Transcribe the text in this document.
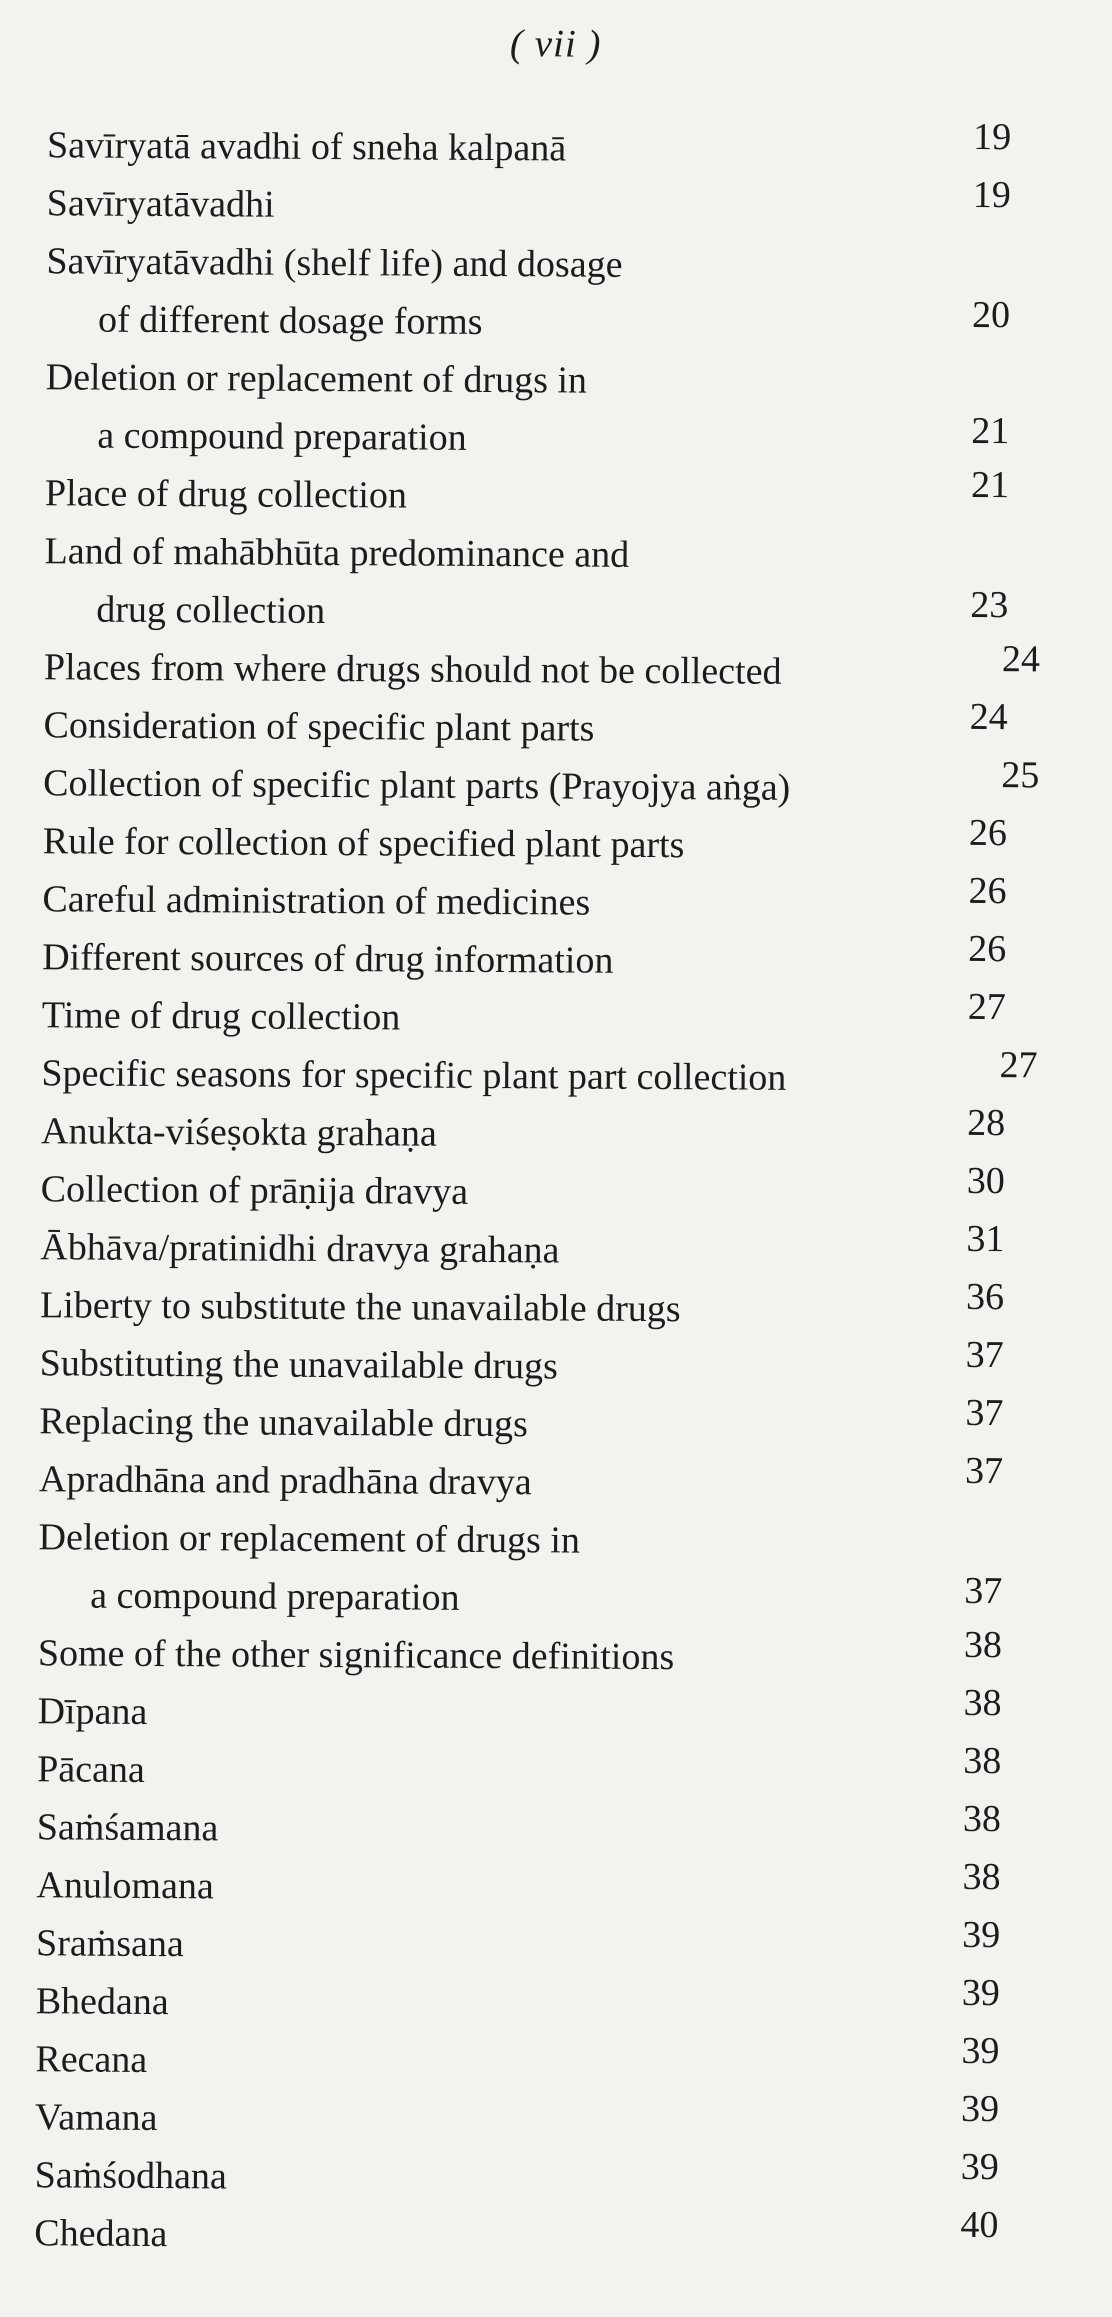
( vii )
Savīryatā avadhi of sneha kalpanā	19
Savīryatāvadhi	19
Savīryatāvadhi (shelf life) and dosage
of different dosage forms	20
Deletion or replacement of drugs in
a compound preparation	21
Place of drug collection	21
Land of mahābhūta predominance and
drug collection	23
Places from where drugs should not be collected	24
Consideration of specific plant parts	24
Collection of specific plant parts (Prayojya aṅga)	25
Rule for collection of specified plant parts	26
Careful administration of medicines	26
Different sources of drug information	26
Time of drug collection	27
Specific seasons for specific plant part collection	27
Anukta-viśeṣokta grahaṇa	28
Collection of prāṇija dravya	30
Ābhāva/pratinidhi dravya grahaṇa	31
Liberty to substitute the unavailable drugs	36
Substituting the unavailable drugs	37
Replacing the unavailable drugs	37
Apradhāna and pradhāna dravya	37
Deletion or replacement of drugs in
a compound preparation	37
Some of the other significance definitions	38
Dīpana	38
Pācana	38
Saṁśamana	38
Anulomana	38
Sraṁsana	39
Bhedana	39
Recana	39
Vamana	39
Saṁśodhana	39
Chedana	40
